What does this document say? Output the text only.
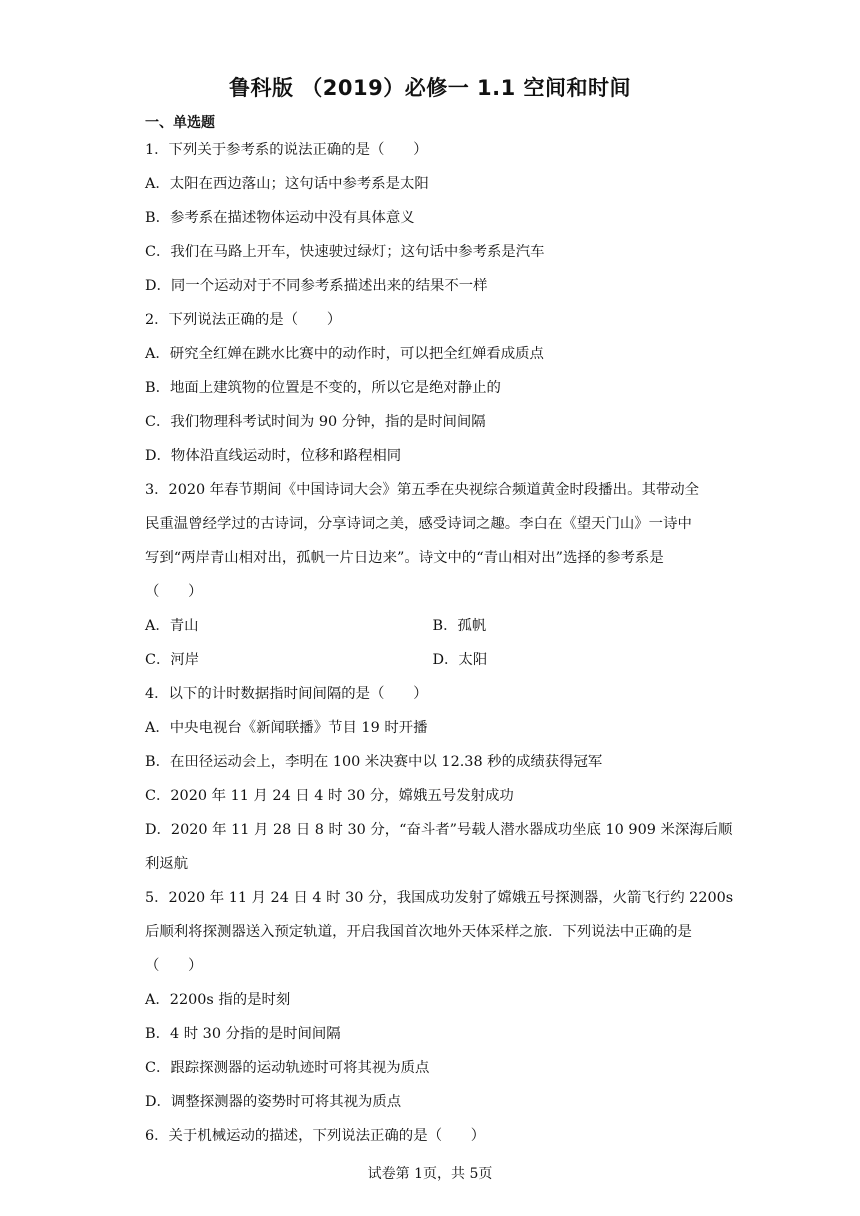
鲁科版 （2019）必修一 1.1 空间和时间
一、单选题
1．下列关于参考系的说法正确的是（　　）
A．太阳在西边落山；这句话中参考系是太阳
B．参考系在描述物体运动中没有具体意义
C．我们在马路上开车，快速驶过绿灯；这句话中参考系是汽车
D．同一个运动对于不同参考系描述出来的结果不一样
2．下列说法正确的是（　　）
A．研究全红婵在跳水比赛中的动作时，可以把全红婵看成质点
B．地面上建筑物的位置是不变的，所以它是绝对静止的
C．我们物理科考试时间为 90 分钟，指的是时间间隔
D．物体沿直线运动时，位移和路程相同
3．2020 年春节期间《中国诗词大会》第五季在央视综合频道黄金时段播出。其带动全
民重温曾经学过的古诗词，分享诗词之美，感受诗词之趣。李白在《望天门山》一诗中
写到“两岸青山相对出，孤帆一片日边来”。诗文中的“青山相对出”选择的参考系是
（　　）
A．青山	B．孤帆
C．河岸	D．太阳
4．以下的计时数据指时间间隔的是（　　）
A．中央电视台《新闻联播》节目 19 时开播
B．在田径运动会上，李明在 100 米决赛中以 12.38 秒的成绩获得冠军
C．2020 年 11 月 24 日 4 时 30 分，嫦娥五号发射成功
D．2020 年 11 月 28 日 8 时 30 分，“奋斗者”号载人潜水器成功坐底 10 909 米深海后顺
利返航
5．2020 年 11 月 24 日 4 时 30 分，我国成功发射了嫦娥五号探测器，火箭飞行约 2200s
后顺利将探测器送入预定轨道，开启我国首次地外天体采样之旅．下列说法中正确的是
（　　）
A．2200s 指的是时刻
B．4 时 30 分指的是时间间隔
C．跟踪探测器的运动轨迹时可将其视为质点
D．调整探测器的姿势时可将其视为质点
6．关于机械运动的描述，下列说法正确的是（　　）
试卷第 1页，共 5页
